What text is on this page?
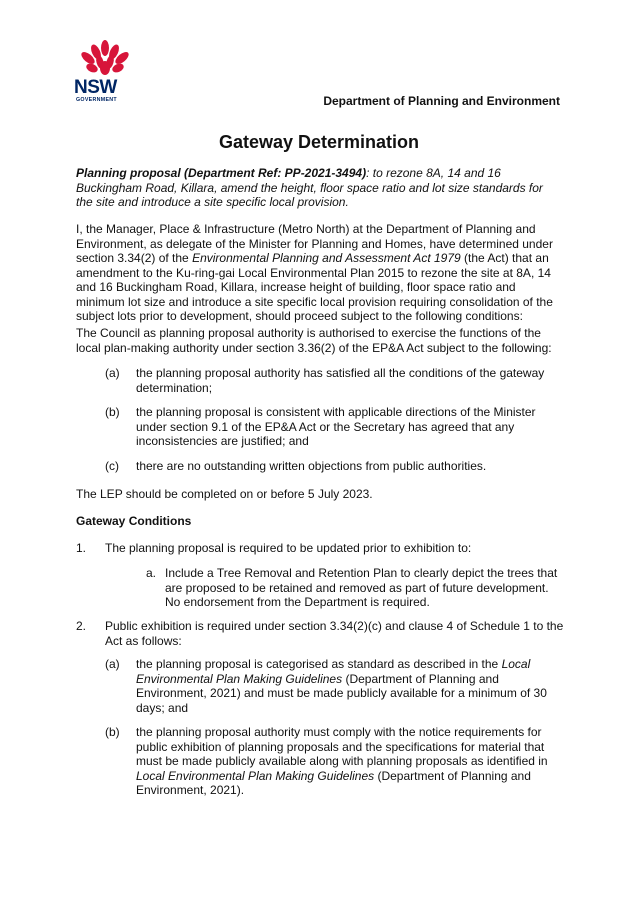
NSW
GOVERNMENT	Department of Planning and Environment
Gateway Determination
Planning proposal (Department Ref: PP-2021-3494): to rezone 8A, 14 and 16 Buckingham Road, Killara, amend the height, floor space ratio and lot size standards for the site and introduce a site specific local provision.
I, the Manager, Place & Infrastructure (Metro North) at the Department of Planning and Environment, as delegate of the Minister for Planning and Homes, have determined under section 3.34(2) of the Environmental Planning and Assessment Act 1979 (the Act) that an amendment to the Ku-ring-gai Local Environmental Plan 2015 to rezone the site at 8A, 14 and 16 Buckingham Road, Killara, increase height of building, floor space ratio and minimum lot size and introduce a site specific local provision requiring consolidation of the subject lots prior to development, should proceed subject to the following conditions:
The Council as planning proposal authority is authorised to exercise the functions of the local plan-making authority under section 3.36(2) of the EP&A Act subject to the following:
(a) the planning proposal authority has satisfied all the conditions of the gateway determination;
(b) the planning proposal is consistent with applicable directions of the Minister under section 9.1 of the EP&A Act or the Secretary has agreed that any inconsistencies are justified; and
(c) there are no outstanding written objections from public authorities.
The LEP should be completed on or before 5 July 2023.
Gateway Conditions
1. The planning proposal is required to be updated prior to exhibition to:
a. Include a Tree Removal and Retention Plan to clearly depict the trees that are proposed to be retained and removed as part of future development. No endorsement from the Department is required.
2. Public exhibition is required under section 3.34(2)(c) and clause 4 of Schedule 1 to the Act as follows:
(a) the planning proposal is categorised as standard as described in the Local Environmental Plan Making Guidelines (Department of Planning and Environment, 2021) and must be made publicly available for a minimum of 30 days; and
(b) the planning proposal authority must comply with the notice requirements for public exhibition of planning proposals and the specifications for material that must be made publicly available along with planning proposals as identified in Local Environmental Plan Making Guidelines (Department of Planning and Environment, 2021).
